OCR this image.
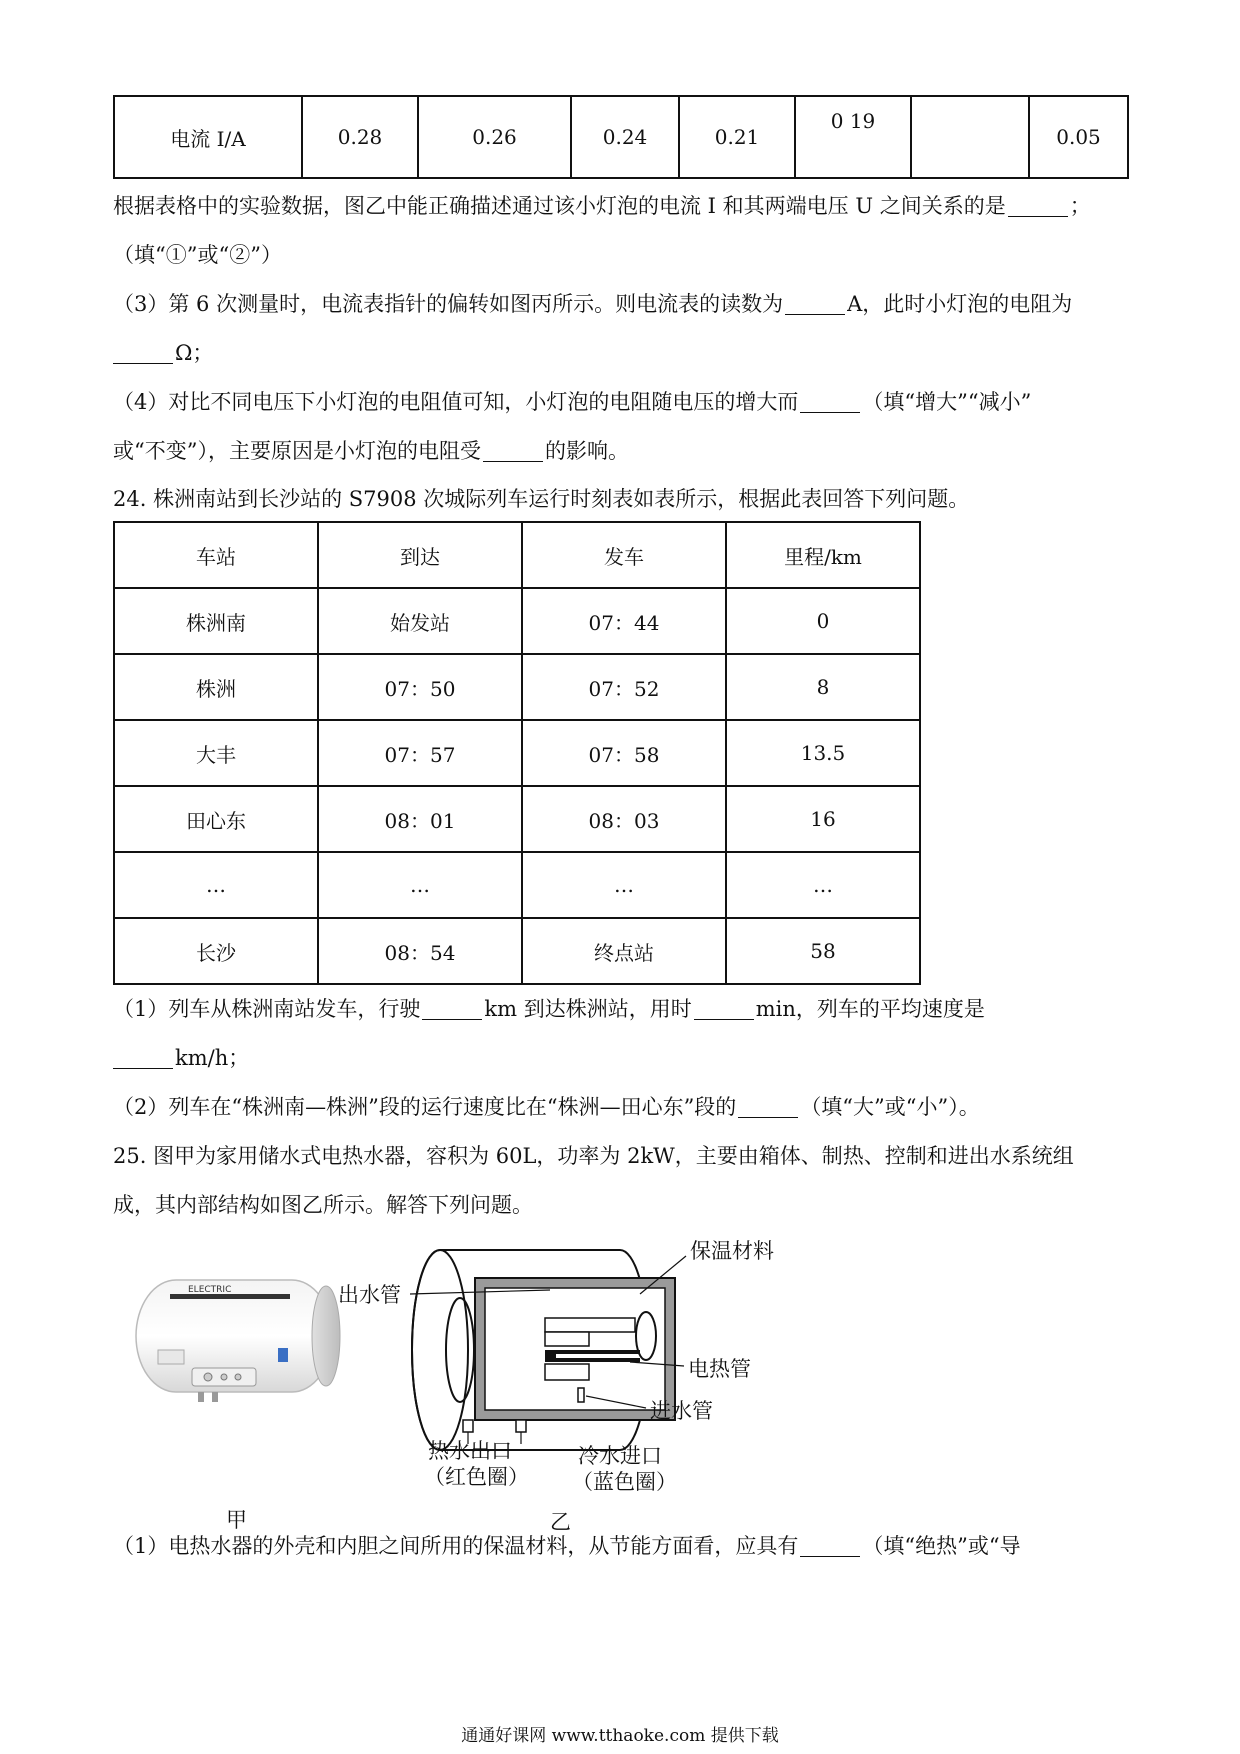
电流 I/A	0.28	0.26	0.24	0.21	0 19		0.05
根据表格中的实验数据，图乙中能正确描述通过该小灯泡的电流 I 和其两端电压 U 之间关系的是	；
（填“①”或“②”）
（3）第 6 次测量时，电流表指针的偏转如图丙所示。则电流表的读数为	A，此时小灯泡的电阻为
Ω；
（4）对比不同电压下小灯泡的电阻值可知，小灯泡的电阻随电压的增大而	（填“增大”“减小”
或“不变”），主要原因是小灯泡的电阻受	的影响。
24. 株洲南站到长沙站的 S7908 次城际列车运行时刻表如表所示，根据此表回答下列问题。
车站	到达	发车	里程/km
株洲南	始发站	07：44	0
株洲	07：50	07：52	8
大丰	07：57	07：58	13.5
田心东	08：01	08：03	16
…	…	…	…
长沙	08：54	终点站	58
（1）列车从株洲南站发车，行驶	km 到达株洲站，用时	min，列车的平均速度是
km/h；
（2）列车在“株洲南—株洲”段的运行速度比在“株洲—田心东”段的	（填“大”或“小”）。
25. 图甲为家用储水式电热水器，容积为 60L，功率为 2kW，主要由箱体、制热、控制和进出水系统组
成，其内部结构如图乙所示。解答下列问题。
ELECTRIC
保温材料
出水管
电热管
进水管
热水出口
（红色圈）
冷水进口
（蓝色圈）
甲	乙
（1）电热水器的外壳和内胆之间所用的保温材料，从节能方面看，应具有	（填“绝热”或“导
通通好课网 www.tthaoke.com 提供下载
